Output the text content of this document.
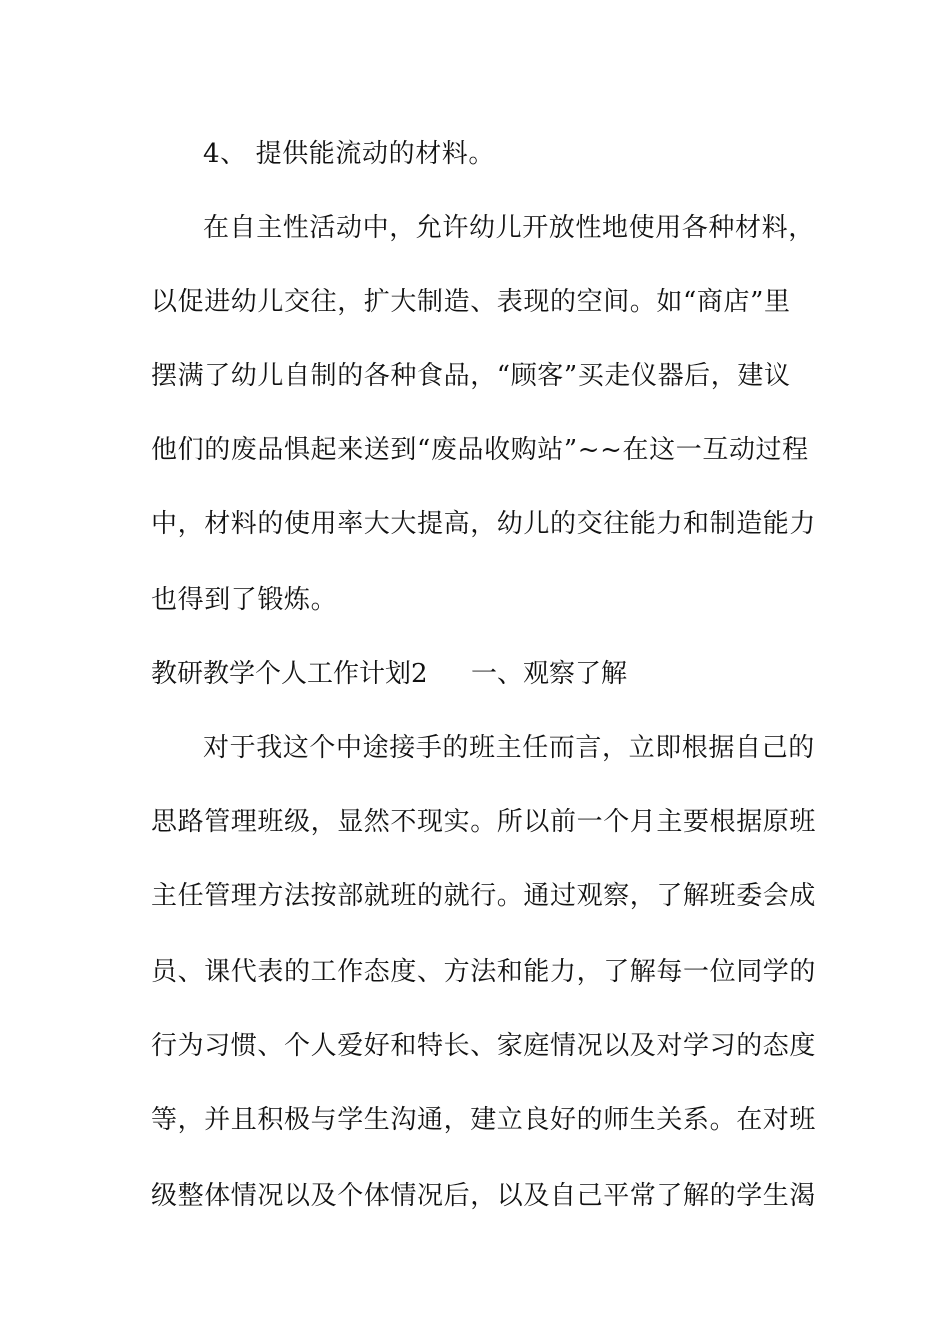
4、 提供能流动的材料。
在自主性活动中，允许幼儿开放性地使用各种材料，
以促进幼儿交往，扩大制造、表现的空间。如“商店”里
摆满了幼儿自制的各种食品，“顾客”买走仪器后，建议
他们的废品惧起来送到“废品收购站”~~在这一互动过程
中，材料的使用率大大提高，幼儿的交往能力和制造能力
也得到了锻炼。
教研教学个人工作计划2 一、观察了解
对于我这个中途接手的班主任而言，立即根据自己的
思路管理班级，显然不现实。所以前一个月主要根据原班
主任管理方法按部就班的就行。通过观察，了解班委会成
员、课代表的工作态度、方法和能力，了解每一位同学的
行为习惯、个人爱好和特长、家庭情况以及对学习的态度
等，并且积极与学生沟通，建立良好的师生关系。在对班
级整体情况以及个体情况后，以及自己平常了解的学生渴
